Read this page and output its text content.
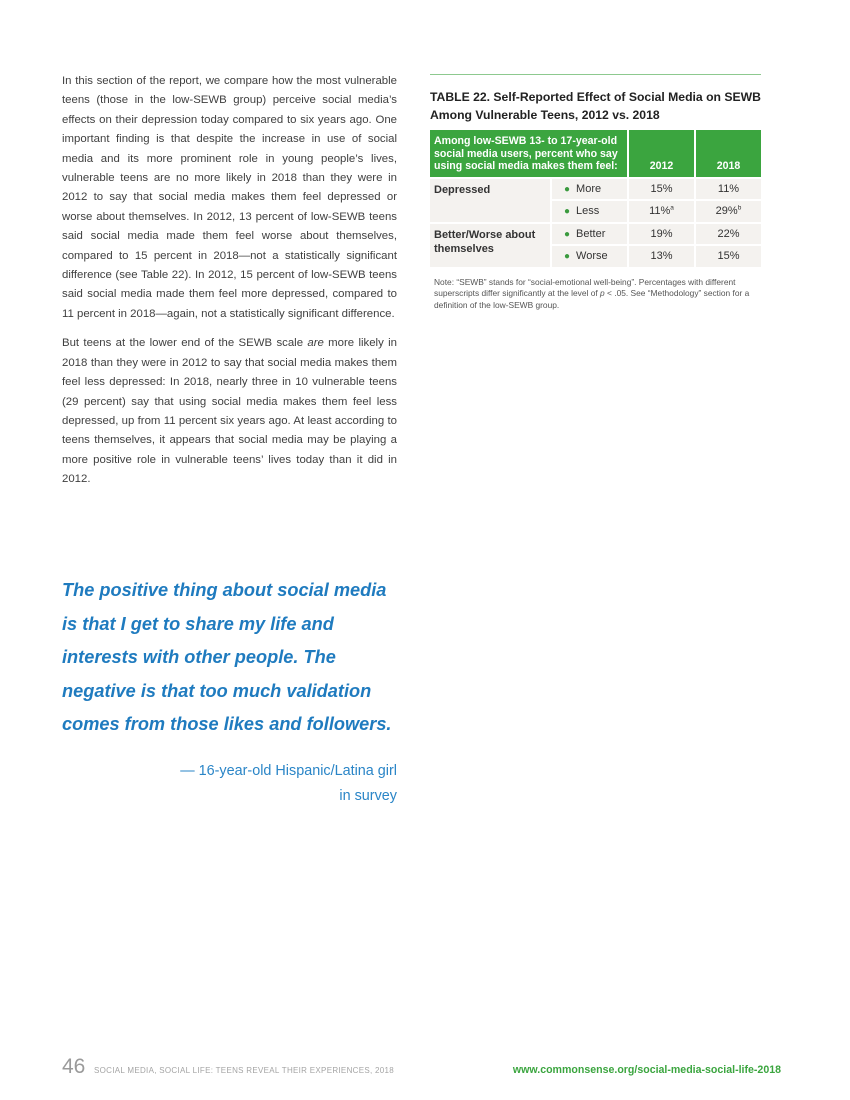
In this section of the report, we compare how the most vulnerable teens (those in the low-SEWB group) perceive social media’s effects on their depression today compared to six years ago. One important finding is that despite the increase in use of social media and its more prominent role in young people’s lives, vulnerable teens are no more likely in 2018 than they were in 2012 to say that social media makes them feel depressed or worse about themselves. In 2012, 13 percent of low-SEWB teens said social media made them feel worse about themselves, compared to 15 percent in 2018—not a statistically significant difference (see Table 22). In 2012, 15 percent of low-SEWB teens said social media made them feel more depressed, compared to 11 percent in 2018—again, not a statistically significant difference.

But teens at the lower end of the SEWB scale are more likely in 2018 than they were in 2012 to say that social media makes them feel less depressed: In 2018, nearly three in 10 vulnerable teens (29 percent) say that using social media makes them feel less depressed, up from 11 percent six years ago. At least according to teens themselves, it appears that social media may be playing a more positive role in vulnerable teens’ lives today than it did in 2012.

TABLE 22. Self-Reported Effect of Social Media on SEWB Among Vulnerable Teens, 2012 vs. 2018
Among low-SEWB 13- to 17-year-old social media users, percent who say using social media makes them feel:		2012	2018
Depressed	● More	15%	11%
	● Less	11%$^a$	29%$^b$
Better/Worse about themselves	● Better	19%	22%
	● Worse	13%	15%
Note: “SEWB” stands for “social-emotional well-being”. Percentages with different superscripts differ significantly at the level of p < .05. See “Methodology” section for a definition of the low-SEWB group.
The positive thing about social media is that I get to share my life and interests with other people. The negative is that too much validation comes from those likes and followers.
— 16-year-old Hispanic/Latina girl
in survey
46 SOCIAL MEDIA, SOCIAL LIFE: TEENS REVEAL THEIR EXPERIENCES, 2018	www.commonsense.org/social-media-social-life-2018
